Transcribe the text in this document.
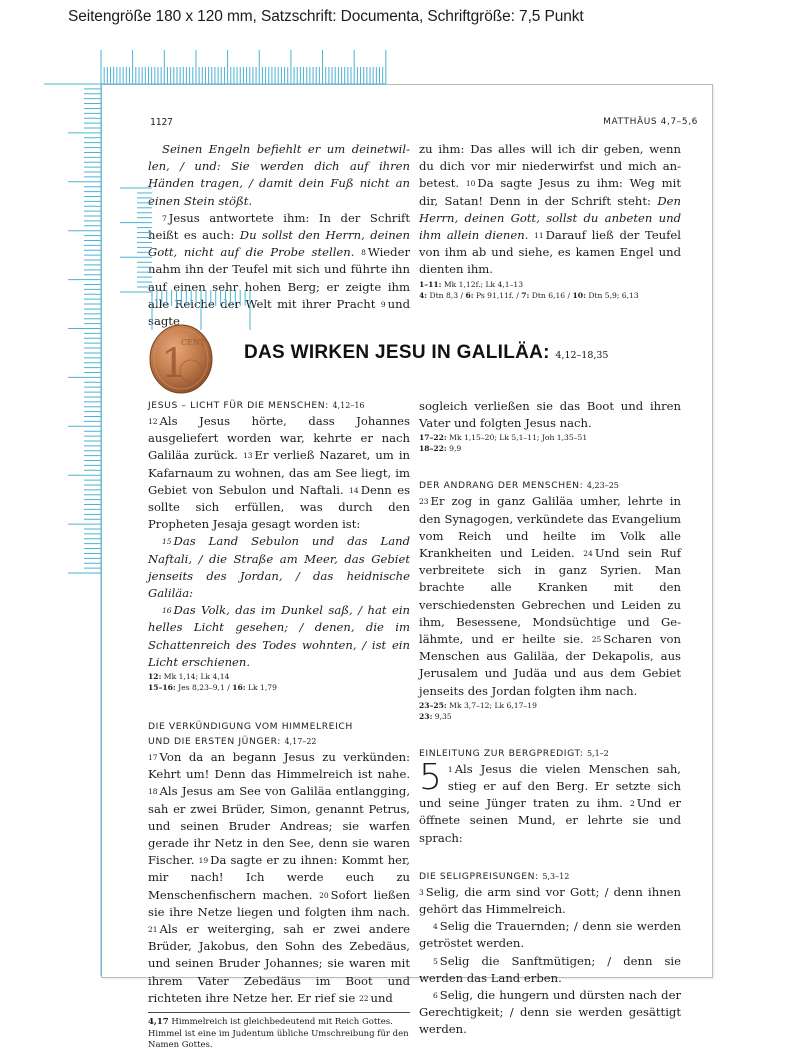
Seitengröße 180 x 120 mm, Satzschrift: Documenta, Schriftgröße: 7,5 Punkt
1127	MATTHÄUS 4,7–5,6
Seinen Engeln befiehlt er um deinetwillen, / und: Sie werden dich auf ihren Händen tragen, / damit dein Fuß nicht an einen Stein stößt.
7 Jesus antwortete ihm: In der Schrift heißt es auch: Du sollst den Herrn, deinen Gott, nicht auf die Probe stellen. 8 Wieder nahm ihn der Teufel mit sich und führte ihn auf einen sehr hohen Berg; er zeigte ihm alle Reiche der Welt mit ihrer Pracht 9 und sagte
zu ihm: Das alles will ich dir geben, wenn du dich vor mir niederwirfst und mich anbetest. 10 Da sagte Jesus zu ihm: Weg mit dir, Satan! Denn in der Schrift steht: Den Herrn, deinen Gott, sollst du anbeten und ihm allein dienen. 11 Darauf ließ der Teufel von ihm ab und siehe, es kamen Engel und dienten ihm.
1–11: Mk 1,12f.; Lk 4,1–13
4: Dtn 8,3 / 6: Ps 91,11f. / 7: Dtn 6,16 / 10: Dtn 5,9; 6,13
1
CENT DAS WIRKEN JESU IN GALILÄA: 4,12–18,35
JESUS – LICHT FÜR DIE MENSCHEN: 4,12–16
12 Als Jesus hörte, dass Johannes ausgeliefert worden war, kehrte er nach Galiläa zurück. 13 Er verließ Nazaret, um in Kafarnaum zu wohnen, das am See liegt, im Gebiet von Sebulon und Naftali. 14 Denn es sollte sich erfüllen, was durch den Propheten Jesaja gesagt worden ist:
15 Das Land Sebulon und das Land Naftali, / die Straße am Meer, das Gebiet jenseits des Jordan, / das heidnische Galiläa:
16 Das Volk, das im Dunkel saß, / hat ein helles Licht gesehen; / denen, die im Schattenreich des Todes wohnten, / ist ein Licht erschienen.
12: Mk 1,14; Lk 4,14
15–16: Jes 8,23–9,1 / 16: Lk 1,79
DIE VERKÜNDIGUNG VOM HIMMELREICH
UND DIE ERSTEN JÜNGER: 4,17–22
17 Von da an begann Jesus zu verkünden: Kehrt um! Denn das Himmelreich ist nahe. 18 Als Jesus am See von Galiläa entlangging, sah er zwei Brüder, Simon, genannt Petrus, und seinen Bruder Andreas; sie warfen gerade ihr Netz in den See, denn sie waren Fischer. 19 Da sagte er zu ihnen: Kommt her, mir nach! Ich werde euch zu Menschenfischern machen. 20 Sofort ließen sie ihre Netze liegen und folgten ihm nach. 21 Als er weiterging, sah er zwei andere Brüder, Jakobus, den Sohn des Zebedäus, und seinen Bruder Johannes; sie waren mit ihrem Vater Zebedäus im Boot und richteten ihre Netze her. Er rief sie 22 und
4,17 Himmelreich ist gleichbedeutend mit Reich Gottes. Himmel ist eine im Judentum übliche Umschreibung für den Namen Gottes.
sogleich verließen sie das Boot und ihren Vater und folgten Jesus nach.
17–22: Mk 1,15–20; Lk 5,1–11; Joh 1,35–51
18–22: 9,9
DER ANDRANG DER MENSCHEN: 4,23–25
23 Er zog in ganz Galiläa umher, lehrte in den Synagogen, verkündete das Evangelium vom Reich und heilte im Volk alle Krankheiten und Leiden. 24 Und sein Ruf verbreitete sich in ganz Syrien. Man brachte alle Kranken mit den verschiedensten Gebrechen und Leiden zu ihm, Besessene, Mondsüchtige und Gelähmte, und er heilte sie. 25 Scharen von Menschen aus Galiläa, der Dekapolis, aus Jerusalem und Judäa und aus dem Gebiet jenseits des Jordan folgten ihm nach.
23–25: Mk 3,7–12; Lk 6,17–19
23: 9,35
EINLEITUNG ZUR BERGPREDIGT: 5,1–2
5 1 Als Jesus die vielen Menschen sah, stieg er auf den Berg. Er setzte sich und seine Jünger traten zu ihm. 2 Und er öffnete seinen Mund, er lehrte sie und sprach:
DIE SELIGPREISUNGEN: 5,3–12
3 Selig, die arm sind vor Gott; / denn ihnen gehört das Himmelreich.
4 Selig die Trauernden; / denn sie werden getröstet werden.
5 Selig die Sanftmütigen; / denn sie werden das Land erben.
6 Selig, die hungern und dürsten nach der Gerechtigkeit; / denn sie werden gesättigt werden.
